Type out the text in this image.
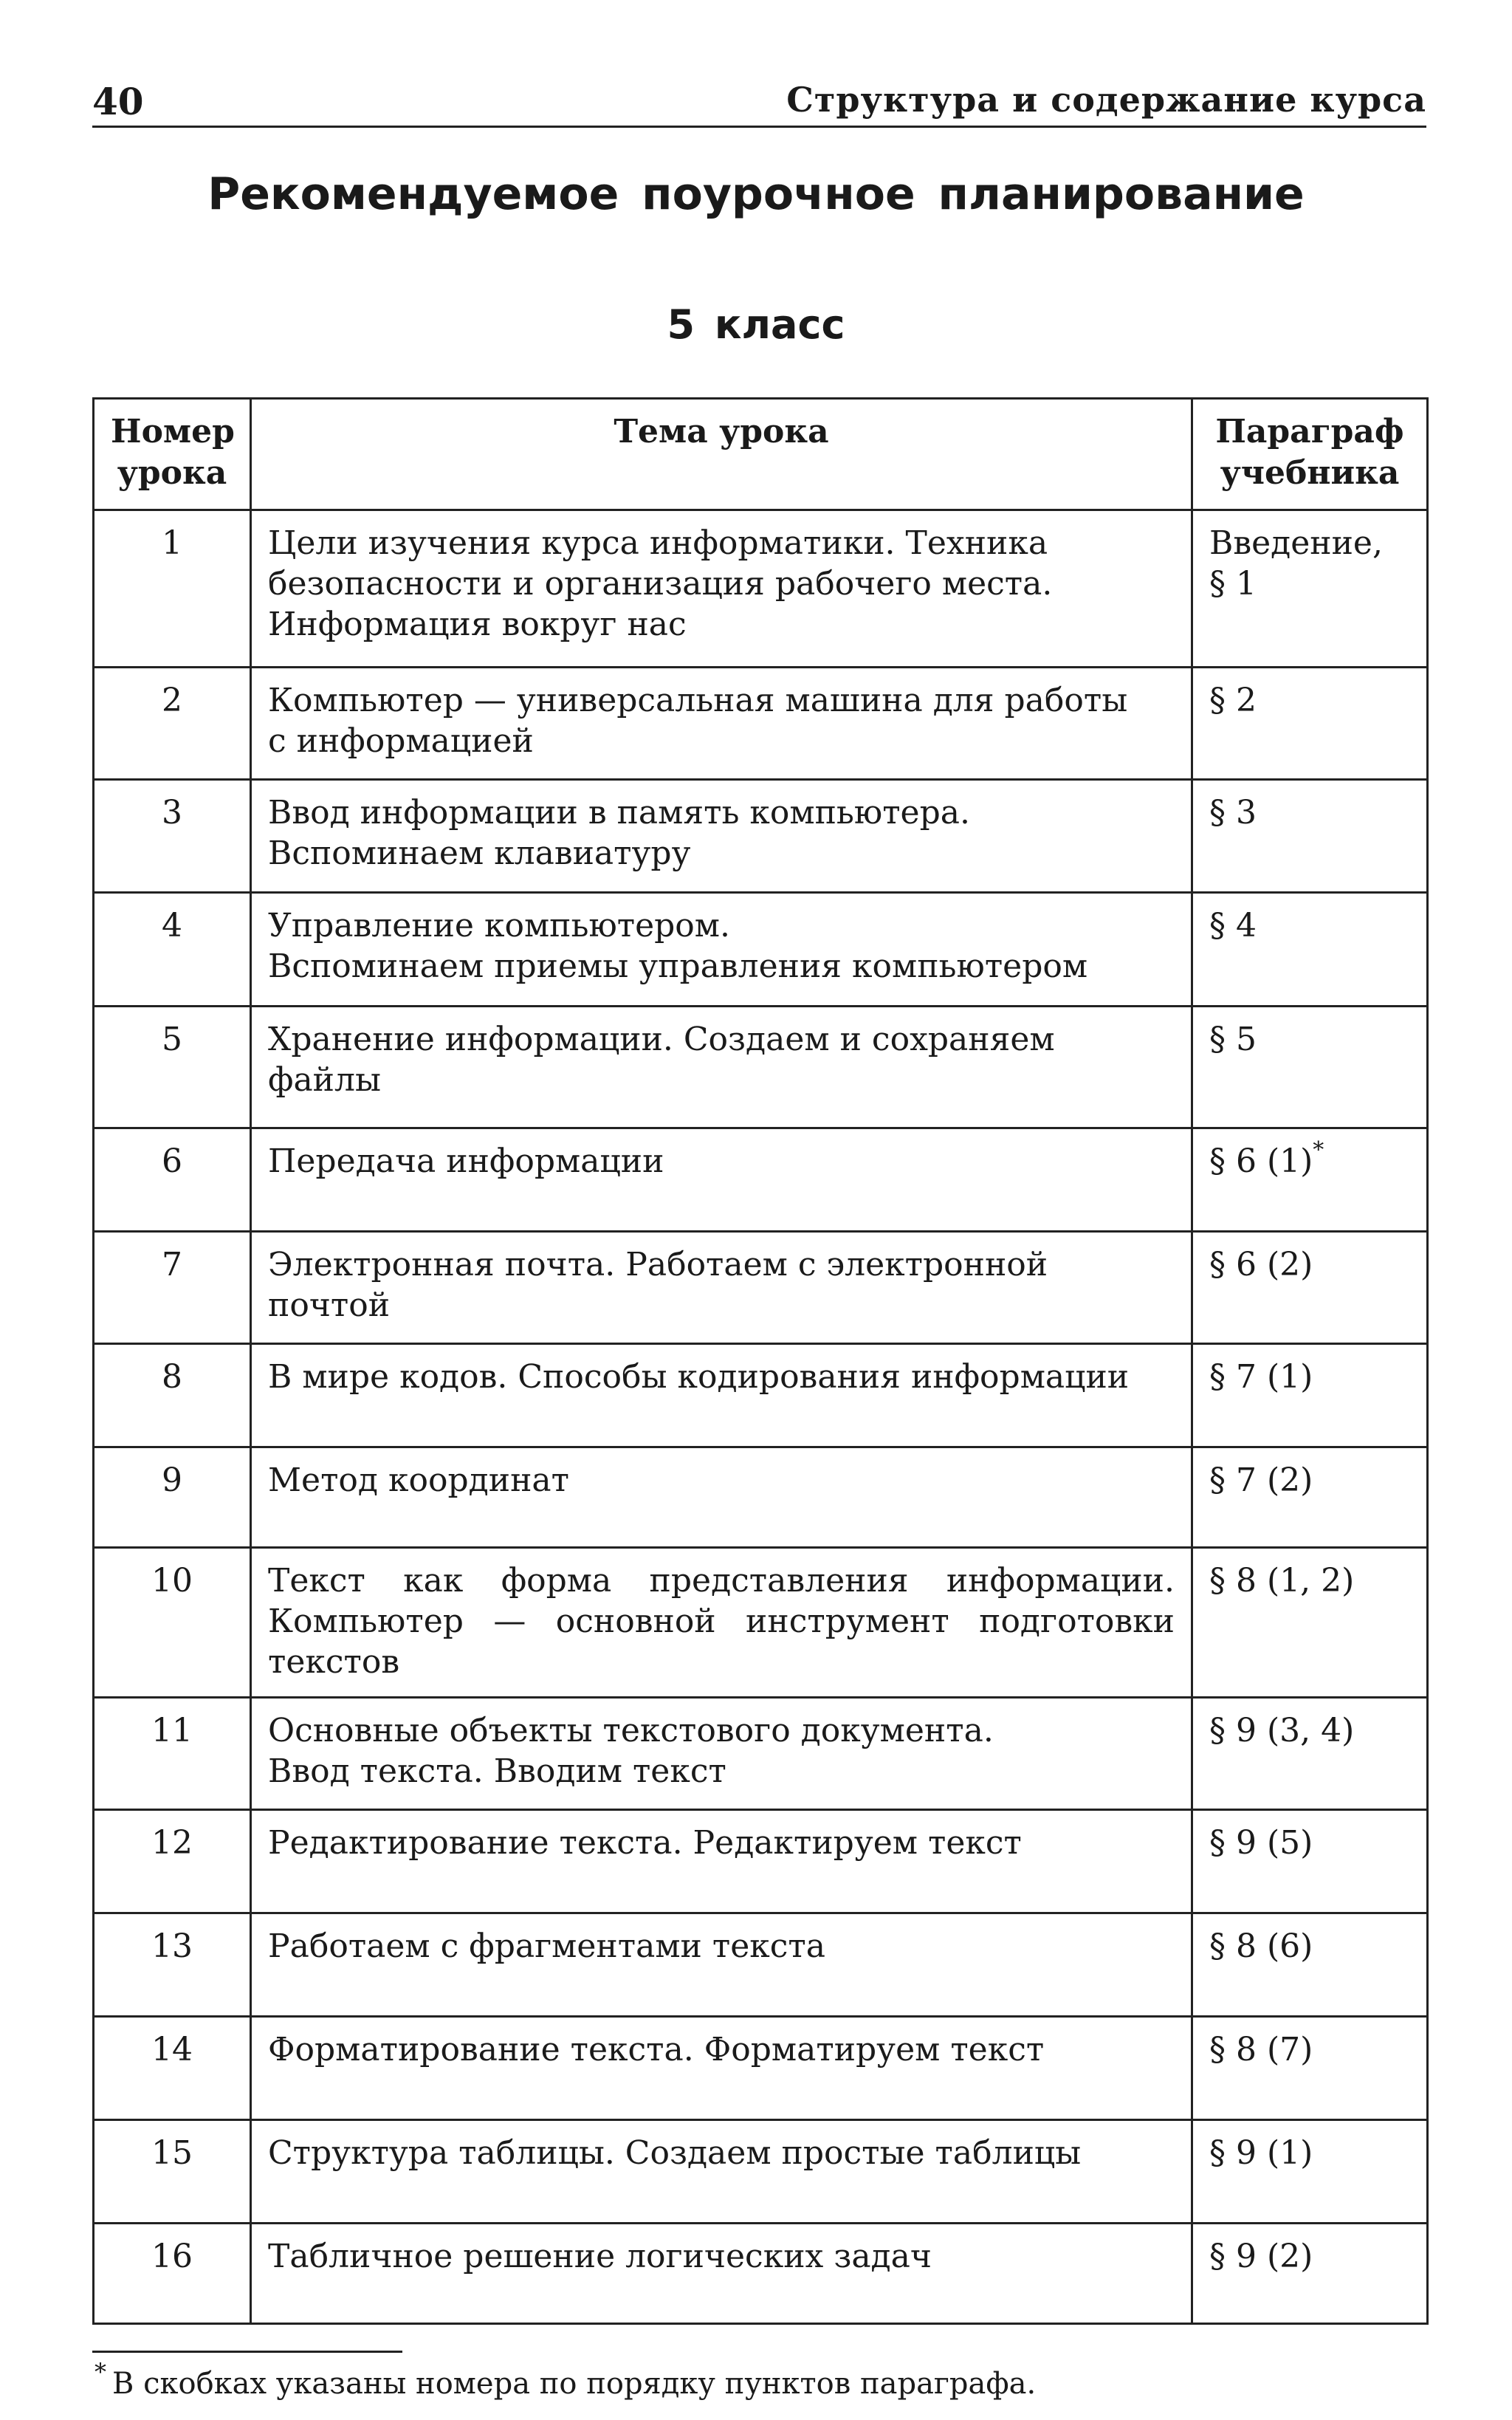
40	Структура и содержание курса
Рекомендуемое поурочное планирование
5 класс
Номер урока	Тема урока	Параграф учебника
1	Цели изучения курса информатики. Техника
безопасности и организация рабочего места.
Информация вокруг нас	Введение,
§ 1
2	Компьютер — универсальная машина для работы
с информацией	§ 2
3	Ввод информации в память компьютера.
Вспоминаем клавиатуру	§ 3
4	Управление компьютером.
Вспоминаем приемы управления компьютером	§ 4
5	Хранение информации. Создаем и сохраняем
файлы	§ 5
6	Передача информации	§ 6 (1)*
7	Электронная почта. Работаем с электронной
почтой	§ 6 (2)
8	В мире кодов. Способы кодирования информации	§ 7 (1)
9	Метод координат	§ 7 (2)
10	Текст как форма представления информации. Компьютер — основной инструмент подготовки текстов	§ 8 (1, 2)
11	Основные объекты текстового документа.
Ввод текста. Вводим текст	§ 9 (3, 4)
12	Редактирование текста. Редактируем текст	§ 9 (5)
13	Работаем с фрагментами текста	§ 8 (6)
14	Форматирование текста. Форматируем текст	§ 8 (7)
15	Структура таблицы. Создаем простые таблицы	§ 9 (1)
16	Табличное решение логических задач	§ 9 (2)
* В скобках указаны номера по порядку пунктов параграфа.
